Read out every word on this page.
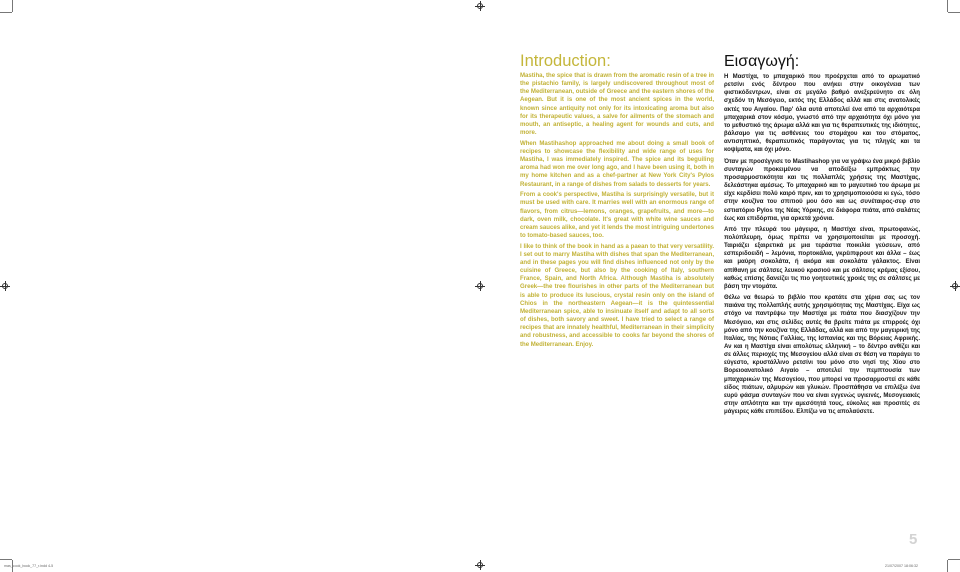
Introduction:

Mastiha, the spice that is drawn from the aromatic resin of a tree in the pistachio family, is largely undiscovered throughout most of the Mediterranean, outside of Greece and the eastern shores of the Aegean. But it is one of the most ancient spices in the world, known since antiquity not only for its intoxicating aroma but also for its therapeutic values, a salve for ailments of the stomach and mouth, an antiseptic, a healing agent for wounds and cuts, and more.

When Mastihashop approached me about doing a small book of recipes to showcase the flexibility and wide range of uses for Mastiha, I was immediately inspired. The spice and its beguiling aroma had won me over long ago, and I have been using it, both in my home kitchen and as a chef-partner at New York City's Pylos Restaurant, in a range of dishes from salads to desserts for years.

From a cook's perspective, Mastiha is surprisingly versatile, but it must be used with care. It marries well with an enormous range of flavors, from citrus—lemons, oranges, grapefruits, and more—to dark, oven milk, chocolate. It's great with white wine sauces and cream sauces alike, and yet it lends the most intriguing undertones to tomato-based sauces, too.

I like to think of the book in hand as a paean to that very versatility. I set out to marry Mastiha with dishes that span the Mediterranean, and in these pages you will find dishes influenced not only by the cuisine of Greece, but also by the cooking of Italy, southern France, Spain, and North Africa. Although Mastiha is absolutely Greek—the tree flourishes in other parts of the Mediterranean but is able to produce its luscious, crystal resin only on the island of Chios in the northeastern Aegean—it is the quintessential Mediterranean spice, able to insinuate itself and adapt to all sorts of dishes, both savory and sweet. I have tried to select a range of recipes that are innately healthful, Mediterranean in their simplicity and robustness, and accessible to cooks far beyond the shores of the Mediterranean. Enjoy.

Εισαγωγή:

Η Μαστίχα, το μπαχαρικό που προέρχεται από το αρωματικό ρετσίνι ενός δέντρου που ανήκει στην οικογένεια των φιστικόδεντρων, είναι σε μεγάλο βαθμό ανεξερεύνητο σε όλη σχεδόν τη Μεσόγειο, εκτός της Ελλάδος αλλά και στις ανατολικές ακτές του Αιγαίου. Παρ' όλα αυτά αποτελεί ένα από τα αρχαιότερα μπαχαρικά στον κόσμο, γνωστό από την αρχαιότητα όχι μόνο για το μεθυστικό της άρωμα αλλά και για τις θεραπευτικές της ιδιότητες, βάλσαμο για τις ασθένειες του στομάχου και του στόματος, αντισηπτικό, θεραπευτικός παράγοντας για τις πληγές και τα κοψίματα, και όχι μόνο.

Όταν με προσέγγισε το Mastihashop για να γράψω ένα μικρό βιβλίο συνταγών προκειμένου να αποδείξω εμπράκτως την προσαρμοστικότητα και τις πολλαπλές χρήσεις της Μαστίχας, δελεάστηκα αμέσως. Το μπαχαρικό και το μαγευτικό του άρωμα με είχε κερδίσει πολύ καιρό πριν, και το χρησιμοποιούσα κι εγώ, τόσο στην κουζίνα του σπιτιού μου όσο και ως συνέταιρος-σεφ στο εστιατόριο Pylos της Νέας Υόρκης, σε διάφορα πιάτα, από σαλάτες έως και επιδόρπια, για αρκετά χρόνια.

Από την πλευρά του μάγειρα, η Μαστίχα είναι, πρωτοφανώς, πολύπλευρη, όμως πρέπει να χρησιμοποιείται με προσοχή. Ταιριάζει εξαιρετικά με μια τεράστια ποικιλία γεύσεων, από εσπεριδοειδή – λεμόνια, πορτοκάλια, γκρέιπφρουτ και άλλα – έως και μαύρη σοκολάτα, ή ακόμα και σοκολάτα γάλακτος. Είναι απίθανη με σάλτσες λευκού κρασιού και με σάλτσες κρέμας εξίσου, καθώς επίσης δανείζει τις πιο γοητευτικές χροιές της σε σάλτσες με βάση την ντομάτα.

Θέλω να θεωρώ το βιβλίο που κρατάτε στα χέρια σας ως τον παιάνα της πολλαπλής αυτής χρησιμότητας της Μαστίχας. Είχα ως στόχο να παντρέψω την Μαστίχα με πιάτα που διασχίζουν την Μεσόγειο, και στις σελίδες αυτές θα βρείτε πιάτα με επιρροές όχι μόνο από την κουζίνα της Ελλάδας, αλλά και από την μαγειρική της Ιταλίας, της Νότιας Γαλλίας, της Ισπανίας και της Βόρειας Αφρικής. Αν και η Μαστίχα είναι απολύτως ελληνική – το δέντρο ανθίζει και σε άλλες περιοχές της Μεσογείου αλλά είναι σε θέση να παράγει το εύγεστο, κρυστάλλινο ρετσίνι του μόνο στο νησί της Χίου στο Βορειοανατολικό Αιγαίο – αποτελεί την πεμπτουσία των μπαχαρικών της Μεσογείου, που μπορεί να προσαρμοστεί σε κάθε είδος πιάτων, αλμυρών και γλυκών. Προσπάθησα να επιλέξω ένα ευρύ φάσμα συνταγών που να είναι εγγενώς υγιεινές, Μεσογειακές στην απλότητα και την αμεσότητά τους, εύκολες και προσιτές σε μάγειρες κάθε επιπέδου. Ελπίζω να τις απολαύσετε.

5
mas_cook_book_77_r.indd 4-5	21/07/2007 18:06:32
